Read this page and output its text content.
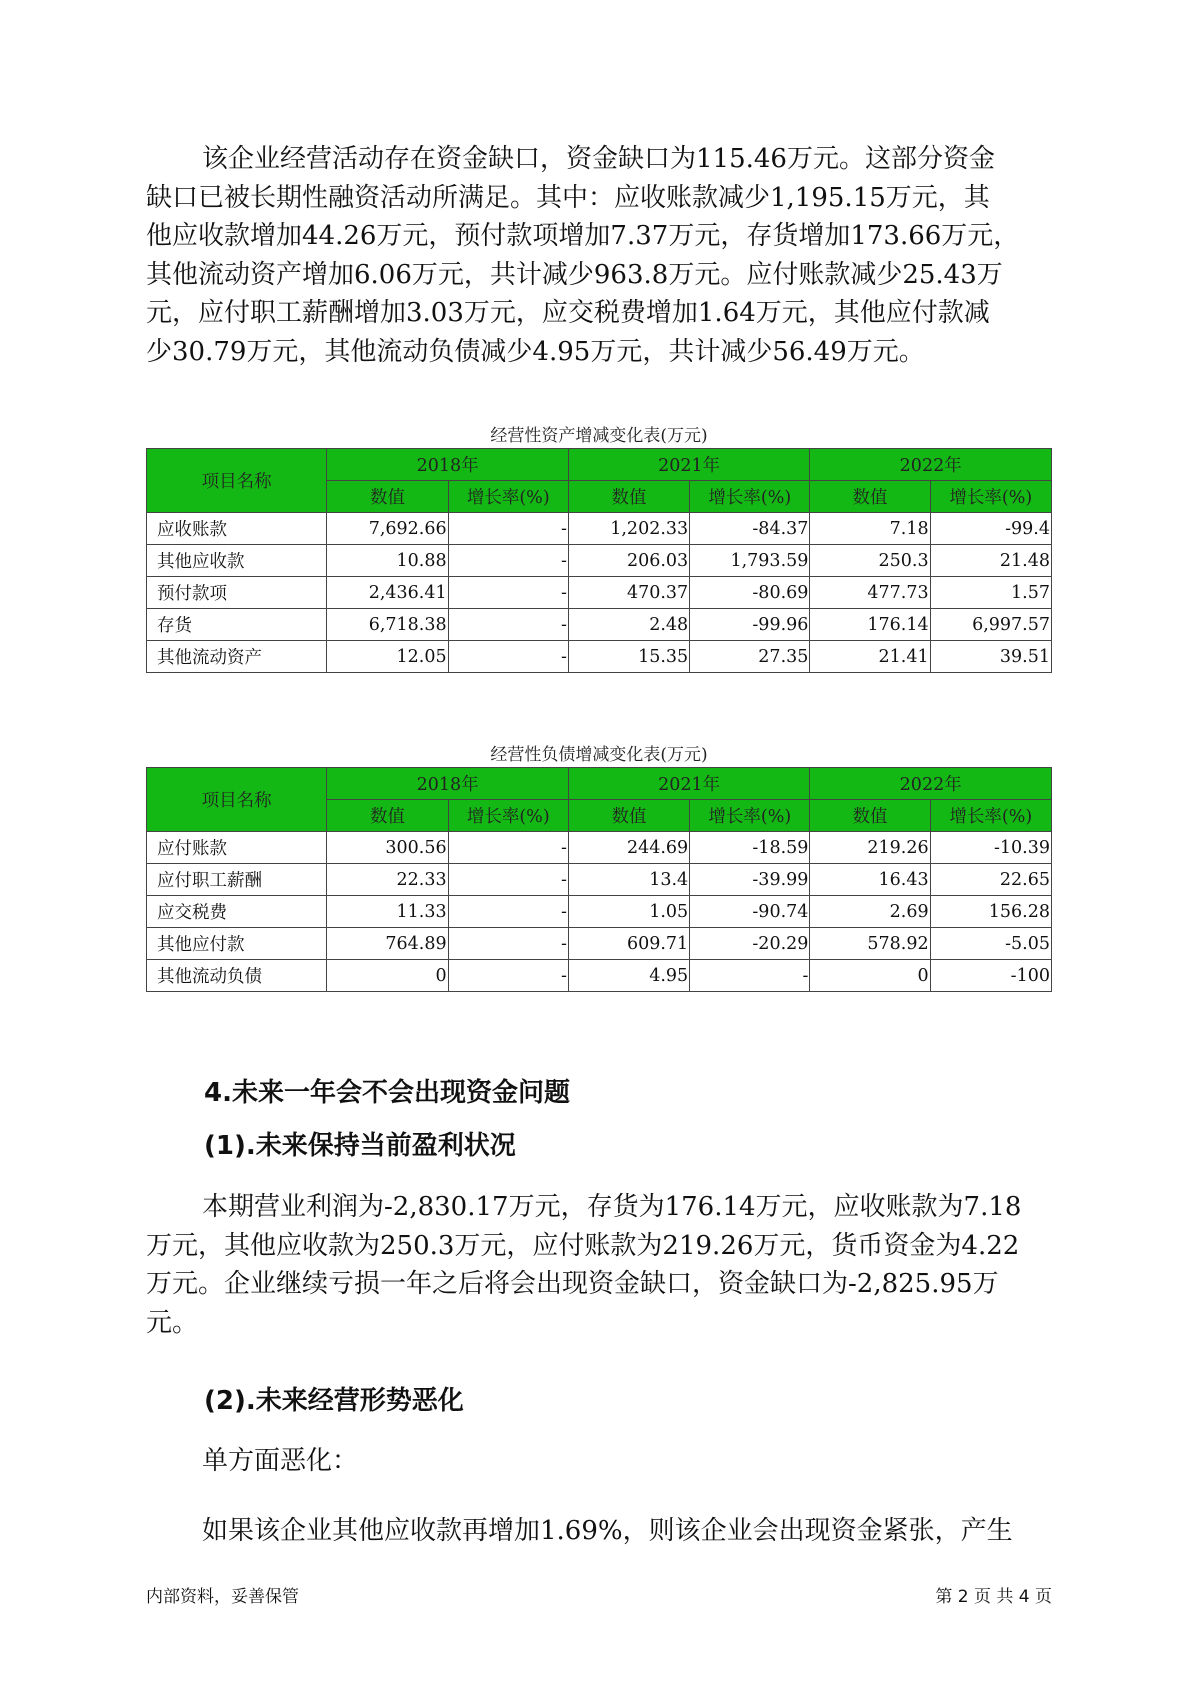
该企业经营活动存在资金缺口，资金缺口为115.46万元。这部分资金
缺口已被长期性融资活动所满足。其中：应收账款减少1,195.15万元，其
他应收款增加44.26万元，预付款项增加7.37万元，存货增加173.66万元，
其他流动资产增加6.06万元，共计减少963.8万元。应付账款减少25.43万
元，应付职工薪酬增加3.03万元，应交税费增加1.64万元，其他应付款减
少30.79万元，其他流动负债减少4.95万元，共计减少56.49万元。
经营性资产增减变化表(万元)
项目名称	2018年		2021年		2022年	
	数值	增长率(%)	数值	增长率(%)	数值	增长率(%)
应收账款	7,692.66	-	1,202.33	-84.37	7.18	-99.4
其他应收款	10.88	-	206.03	1,793.59	250.3	21.48
预付款项	2,436.41	-	470.37	-80.69	477.73	1.57
存货	6,718.38	-	2.48	-99.96	176.14	6,997.57
其他流动资产	12.05	-	15.35	27.35	21.41	39.51
经营性负债增减变化表(万元)
项目名称	2018年		2021年		2022年	
	数值	增长率(%)	数值	增长率(%)	数值	增长率(%)
应付账款	300.56	-	244.69	-18.59	219.26	-10.39
应付职工薪酬	22.33	-	13.4	-39.99	16.43	22.65
应交税费	11.33	-	1.05	-90.74	2.69	156.28
其他应付款	764.89	-	609.71	-20.29	578.92	-5.05
其他流动负债	0	-	4.95	-	0	-100
4.未来一年会不会出现资金问题
(1).未来保持当前盈利状况
本期营业利润为-2,830.17万元，存货为176.14万元，应收账款为7.18
万元，其他应收款为250.3万元，应付账款为219.26万元，货币资金为4.22
万元。企业继续亏损一年之后将会出现资金缺口，资金缺口为-2,825.95万
元。
(2).未来经营形势恶化
单方面恶化：
如果该企业其他应收款再增加1.69%，则该企业会出现资金紧张，产生
内部资料，妥善保管	第 2 页 共 4 页
